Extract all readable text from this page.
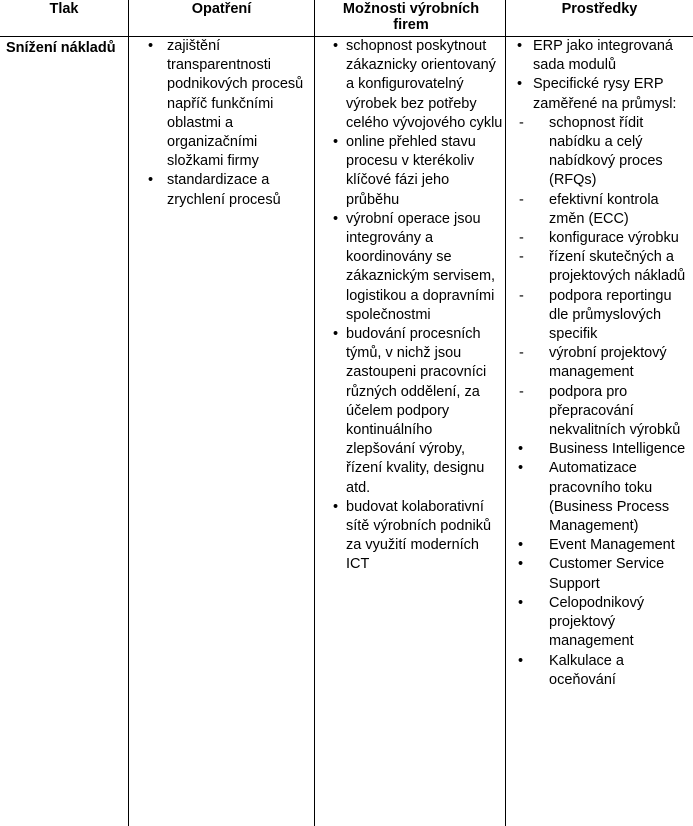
Tlak	Opatření	Možnosti výrobních firem
Prostředky
Snížení nákladů
•	zajištění transparentnosti podnikových procesů napříč funkčními oblastmi a organizačními složkami firmy
• standardizace a zrychlení procesů
• schopnost poskytnout zákaznicky orientovaný a konfigurovatelný výrobek bez potřeby celého vývojového cyklu
• online přehled stavu procesu v kterékoliv klíčové fázi jeho průběhu
• výrobní operace jsou integrovány a koordinovány se zákaznickým servisem, logistikou a dopravními společnostmi
• budování procesních týmů, v nichž jsou zastoupeni pracovníci různých oddělení, za účelem podpory kontinuálního zlepšování výroby, řízení kvality, designu atd.
• budovat kolaborativní sítě výrobních podniků za využití moderních ICT
• ERP jako integrovaná sada modulů
• Specifické rysy ERP zaměřené na průmysl:
- schopnost řídit nabídku a celý nabídkový proces (RFQs)
- efektivní kontrola změn (ECC)
- konfigurace výrobku
- řízení skutečných a projektových nákladů
- podpora reportingu dle průmyslových specifik
- výrobní projektový management
- podpora pro přepracování nekvalitních výrobků
• Business Intelligence
• Automatizace pracovního toku (Business Process Management)
• Event Management
• Customer Service Support
• Celopodnikový projektový management
• Kalkulace a oceňování
